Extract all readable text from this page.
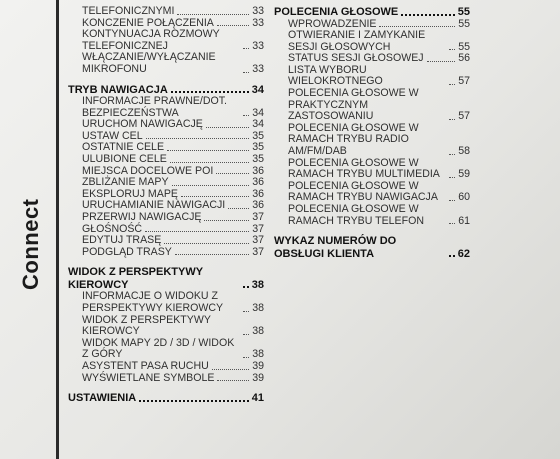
Connect
TELEFONICZNYMI	33
KONCZENIE POŁĄCZENIA	33
KONTYNUACJA ROZMOWY TELEFONICZNEJ	33
WŁĄCZANIE/WYŁĄCZANIE MIKROFONU	33
TRYB NAWIGACJA	34
INFORMACJE PRAWNE/DOT. BEZPIECZEŃSTWA	34
URUCHOM NAWIGACJĘ	34
USTAW CEL	35
OSTATNIE CELE	35
ULUBIONE CELE	35
MIEJSCA DOCELOWE POI	36
ZBLIŻANIE MAPY	36
EKSPLORUJ MAPĘ	36
URUCHAMIANIE NAWIGACJI	36
PRZERWIJ NAWIGACJĘ	37
GŁOŚNOŚĆ	37
EDYTUJ TRASĘ	37
PODGLĄD TRASY	37
WIDOK Z PERSPEKTYWY KIEROWCY	38
INFORMACJE O WIDOKU Z PERSPEKTYWY KIEROWCY	38
WIDOK Z PERSPEKTYWY KIEROWCY	38
WIDOK MAPY 2D / 3D / WIDOK Z GÓRY	38
ASYSTENT PASA RUCHU	39
WYŚWIETLANE SYMBOLE	39
USTAWIENIA	41
POLECENIA GŁOSOWE	55
WPROWADZENIE	55
OTWIERANIE I ZAMYKANIE SESJI GŁOSOWYCH	55
STATUS SESJI GŁOSOWEJ	56
LISTA WYBORU WIELOKROTNEGO	57
POLECENIA GŁOSOWE W PRAKTYCZNYM ZASTOSOWANIU	57
POLECENIA GŁOSOWE W RAMACH TRYBU RADIO AM/FM/DAB	58
POLECENIA GŁOSOWE W RAMACH TRYBU MULTIMEDIA	59
POLECENIA GŁOSOWE W RAMACH TRYBU NAWIGACJA	60
POLECENIA GŁOSOWE W RAMACH TRYBU TELEFON	61
WYKAZ NUMERÓW DO OBSŁUGI KLIENTA	62
